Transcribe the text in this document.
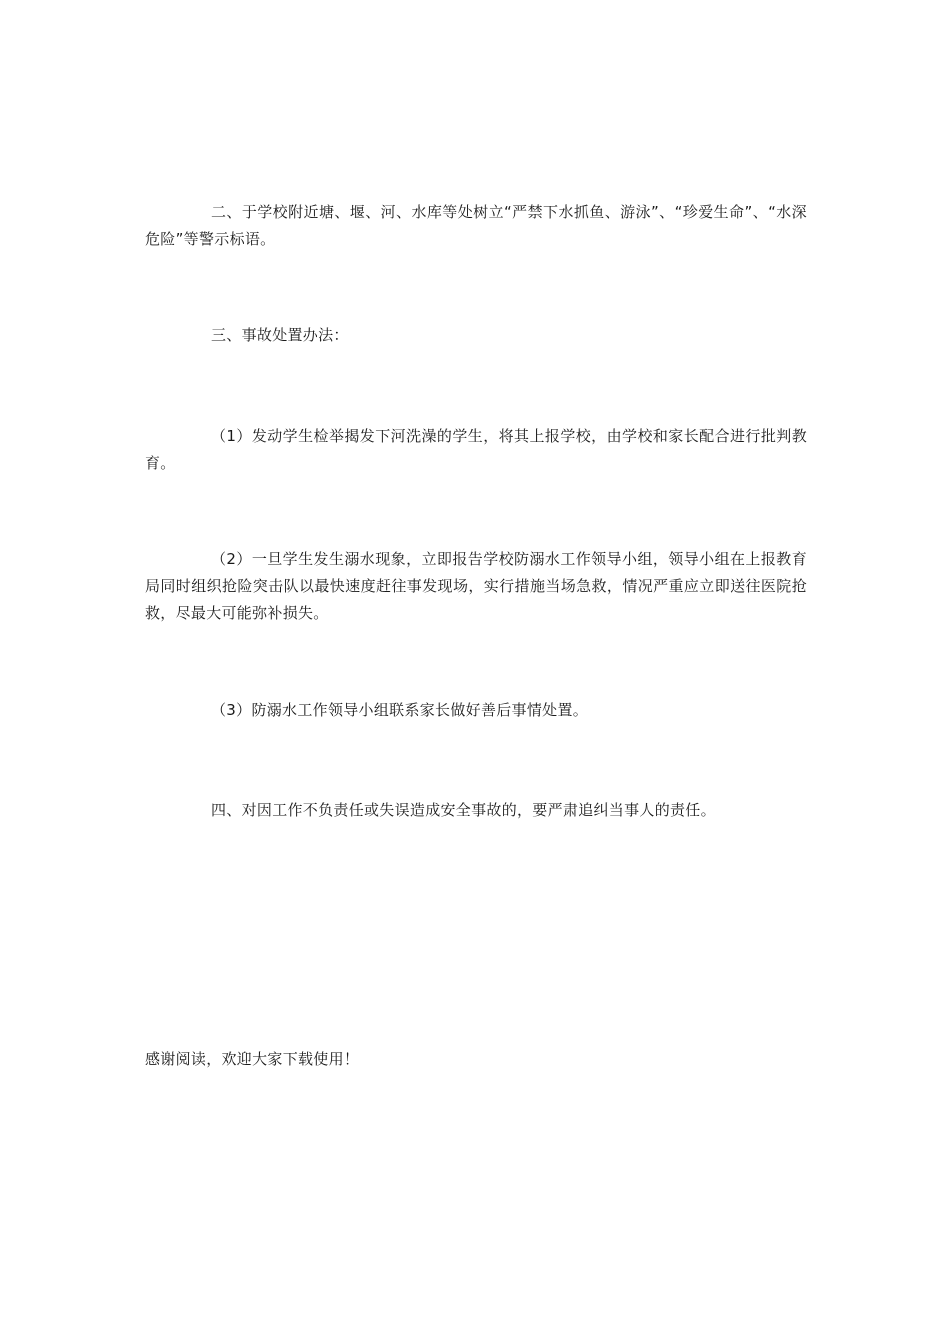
二、于学校附近塘、堰、河、水库等处树立“严禁下水抓鱼、游泳”、“珍爱生命”、“水深危险”等警示标语。

三、事故处置办法：

（1）发动学生检举揭发下河洗澡的学生，将其上报学校，由学校和家长配合进行批判教育。

（2）一旦学生发生溺水现象，立即报告学校防溺水工作领导小组，领导小组在上报教育局同时组织抢险突击队以最快速度赶往事发现场，实行措施当场急救，情况严重应立即送往医院抢救，尽最大可能弥补损失。

（3）防溺水工作领导小组联系家长做好善后事情处置。

四、对因工作不负责任或失误造成安全事故的，要严肃追纠当事人的责任。

感谢阅读，欢迎大家下载使用！
